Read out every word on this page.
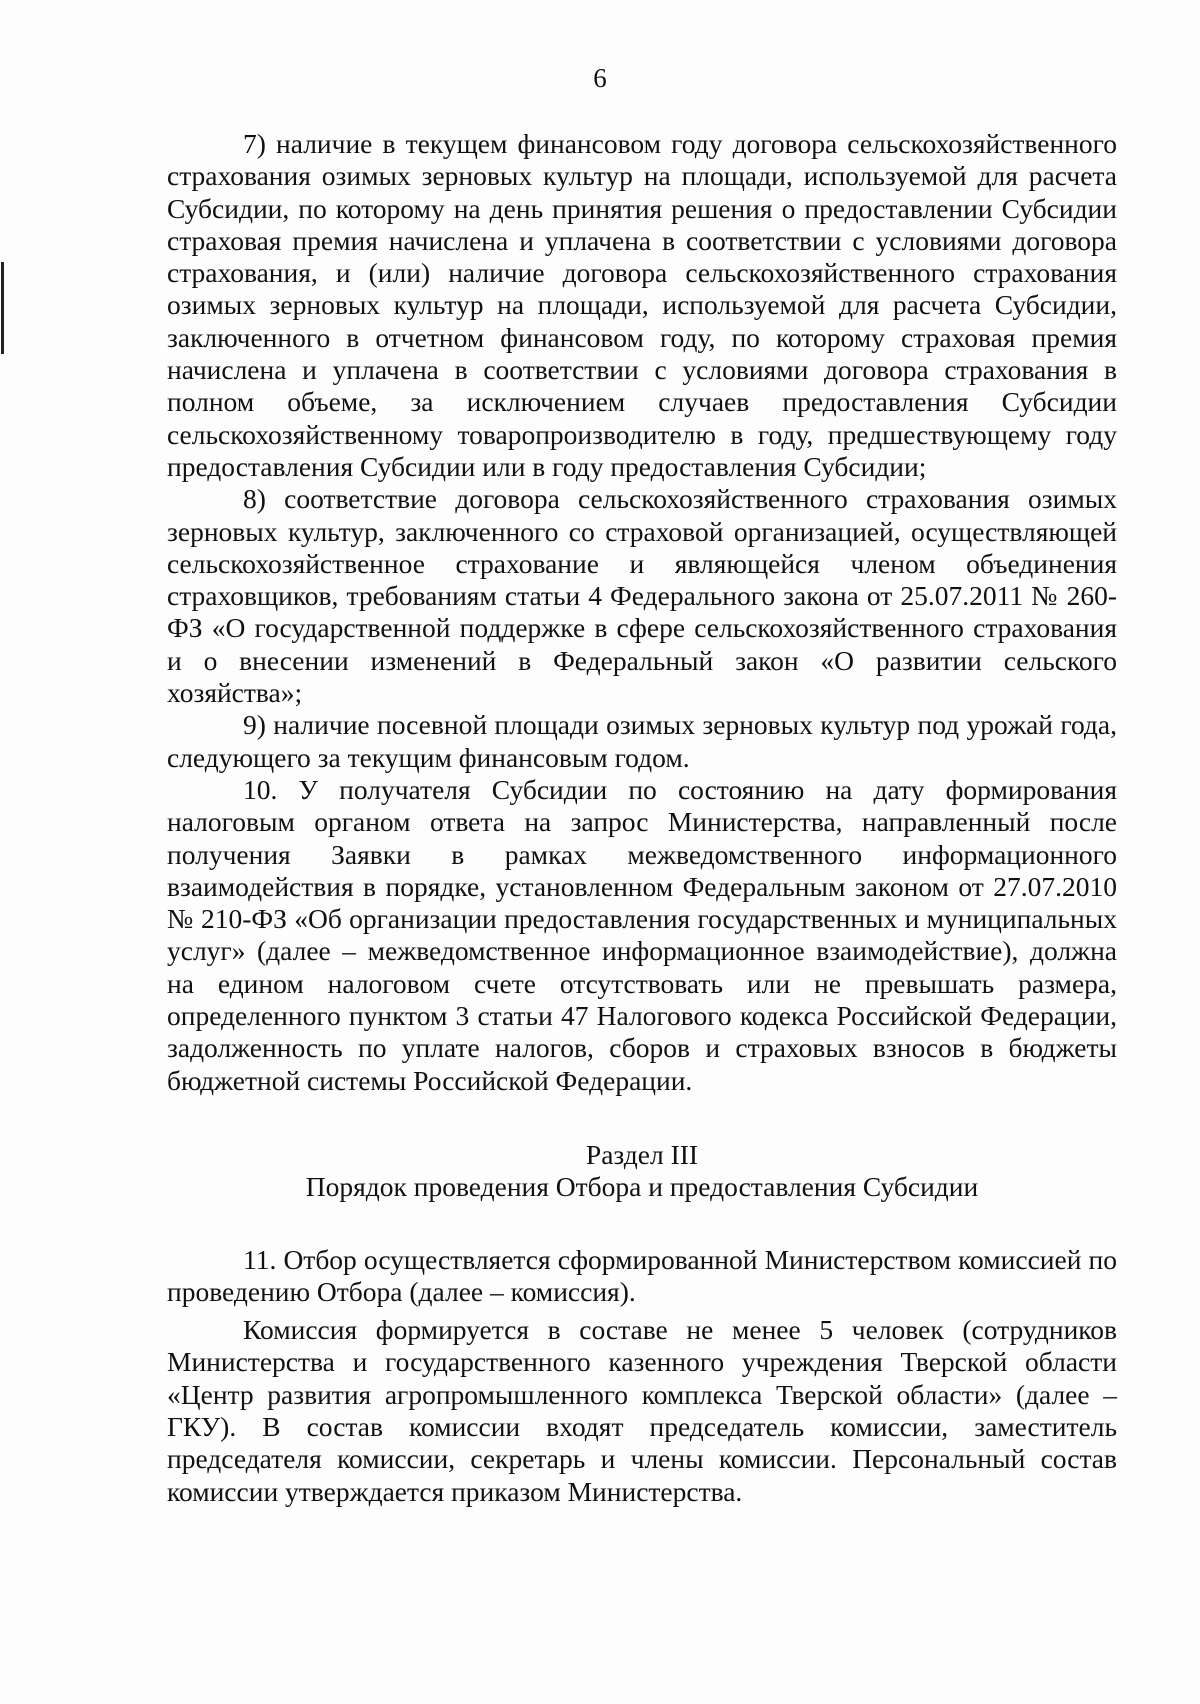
6

7) наличие в текущем финансовом году договора сельскохозяйственного страхования озимых зерновых культур на площади, используемой для расчета Субсидии, по которому на день принятия решения о предоставлении Субсидии страховая премия начислена и уплачена в соответствии с условиями договора страхования, и (или) наличие договора сельскохозяйственного страхования озимых зерновых культур на площади, используемой для расчета Субсидии, заключенного в отчетном финансовом году, по которому страховая премия начислена и уплачена в соответствии с условиями договора страхования в полном объеме, за исключением случаев предоставления Субсидии сельскохозяйственному товаропроизводителю в году, предшествующему году предоставления Субсидии или в году предоставления Субсидии;

8) соответствие договора сельскохозяйственного страхования озимых зерновых культур, заключенного со страховой организацией, осуществляющей сельскохозяйственное страхование и являющейся членом объединения страховщиков, требованиям статьи 4 Федерального закона от 25.07.2011 № 260-ФЗ «О государственной поддержке в сфере сельскохозяйственного страхования и о внесении изменений в Федеральный закон «О развитии сельского хозяйства»;

9) наличие посевной площади озимых зерновых культур под урожай года, следующего за текущим финансовым годом.

10. У получателя Субсидии по состоянию на дату формирования налоговым органом ответа на запрос Министерства, направленный после получения Заявки в рамках межведомственного информационного взаимодействия в порядке, установленном Федеральным законом от 27.07.2010 № 210-ФЗ «Об организации предоставления государственных и муниципальных услуг» (далее – межведомственное информационное взаимодействие), должна на едином налоговом счете отсутствовать или не превышать размера, определенного пунктом 3 статьи 47 Налогового кодекса Российской Федерации, задолженность по уплате налогов, сборов и страховых взносов в бюджеты бюджетной системы Российской Федерации.

Раздел III

Порядок проведения Отбора и предоставления Субсидии

11. Отбор осуществляется сформированной Министерством комиссией по проведению Отбора (далее – комиссия).

Комиссия формируется в составе не менее 5 человек (сотрудников Министерства и государственного казенного учреждения Тверской области «Центр развития агропромышленного комплекса Тверской области» (далее – ГКУ). В состав комиссии входят председатель комиссии, заместитель председателя комиссии, секретарь и члены комиссии. Персональный состав комиссии утверждается приказом Министерства.
